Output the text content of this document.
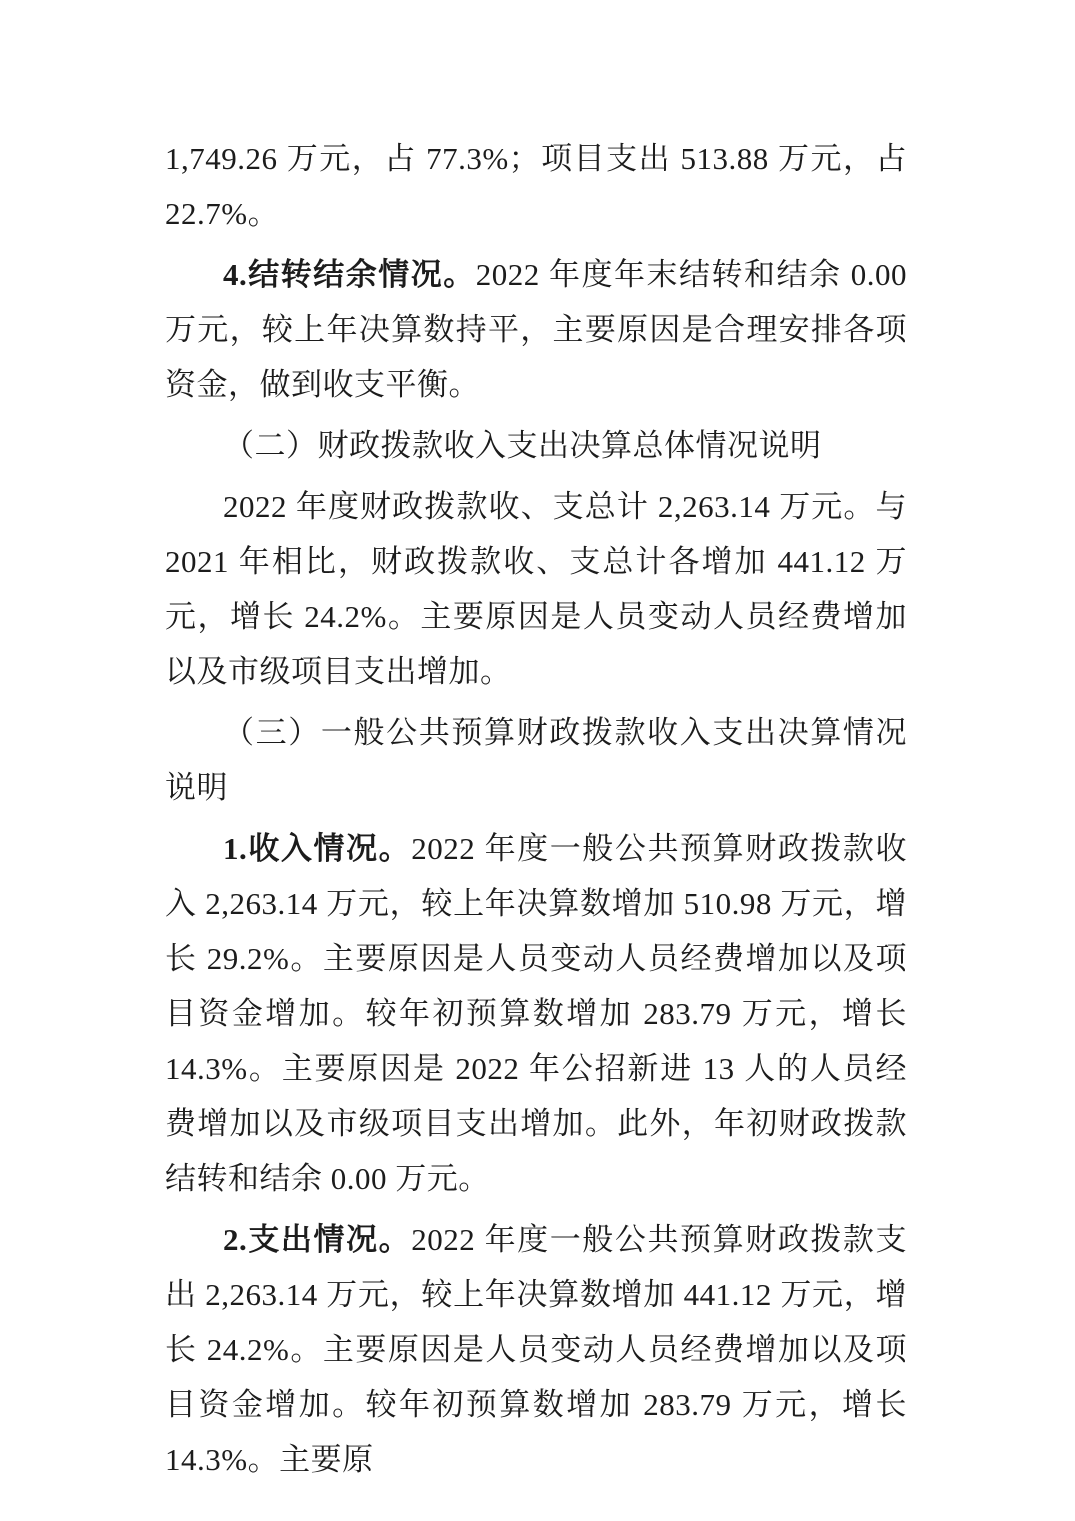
1,749.26 万元，占 77.3%；项目支出 513.88 万元，占 22.7%。

4.结转结余情况。2022 年度年末结转和结余 0.00 万元，较上年决算数持平，主要原因是合理安排各项资金，做到收支平衡。

（二）财政拨款收入支出决算总体情况说明

2022 年度财政拨款收、支总计 2,263.14 万元。与 2021 年相比，财政拨款收、支总计各增加 441.12 万元，增长 24.2%。主要原因是人员变动人员经费增加以及市级项目支出增加。

（三）一般公共预算财政拨款收入支出决算情况说明

1.收入情况。2022 年度一般公共预算财政拨款收入 2,263.14 万元，较上年决算数增加 510.98 万元，增长 29.2%。主要原因是人员变动人员经费增加以及项目资金增加。较年初预算数增加 283.79 万元，增长 14.3%。主要原因是 2022 年公招新进 13 人的人员经费增加以及市级项目支出增加。此外，年初财政拨款结转和结余 0.00 万元。

2.支出情况。2022 年度一般公共预算财政拨款支出 2,263.14 万元，较上年决算数增加 441.12 万元，增长 24.2%。主要原因是人员变动人员经费增加以及项目资金增加。较年初预算数增加 283.79 万元，增长 14.3%。主要原
